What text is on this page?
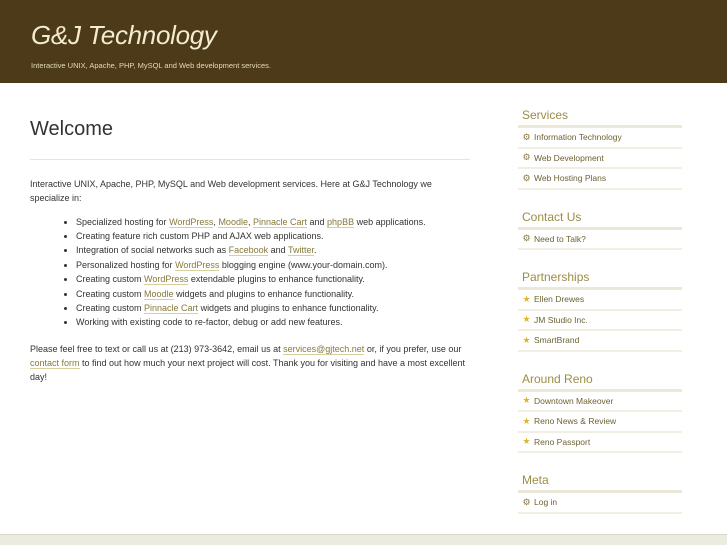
G&J Technology
Interactive UNIX, Apache, PHP, MySQL and Web development services.
Welcome

Interactive UNIX, Apache, PHP, MySQL and Web development services. Here at G&J Technology we specialize in:

• Specialized hosting for WordPress, Moodle, Pinnacle Cart and phpBB web applications.
• Creating feature rich custom PHP and AJAX web applications.
• Integration of social networks such as Facebook and Twitter.
• Personalized hosting for WordPress blogging engine (www.your-domain.com).
• Creating custom WordPress extendable plugins to enhance functionality.
• Creating custom Moodle widgets and plugins to enhance functionality.
• Creating custom Pinnacle Cart widgets and plugins to enhance functionality.
• Working with existing code to re-factor, debug or add new features.

Please feel free to text or call us at (213) 973-3642, email us at services@gjtech.net or, if you prefer, use our contact form to find out how much your next project will cost. Thank you for visiting and have a most excellent day!

Services
⚙ Information Technology
⚙ Web Development
⚙ Web Hosting Plans
Contact Us
⚙ Need to Talk?
Partnerships
★ Ellen Drewes
★ JM Studio Inc.
★ SmartBrand
Around Reno
★ Downtown Makeover
★ Reno News & Review
★ Reno Passport
Meta
⚙ Log in
